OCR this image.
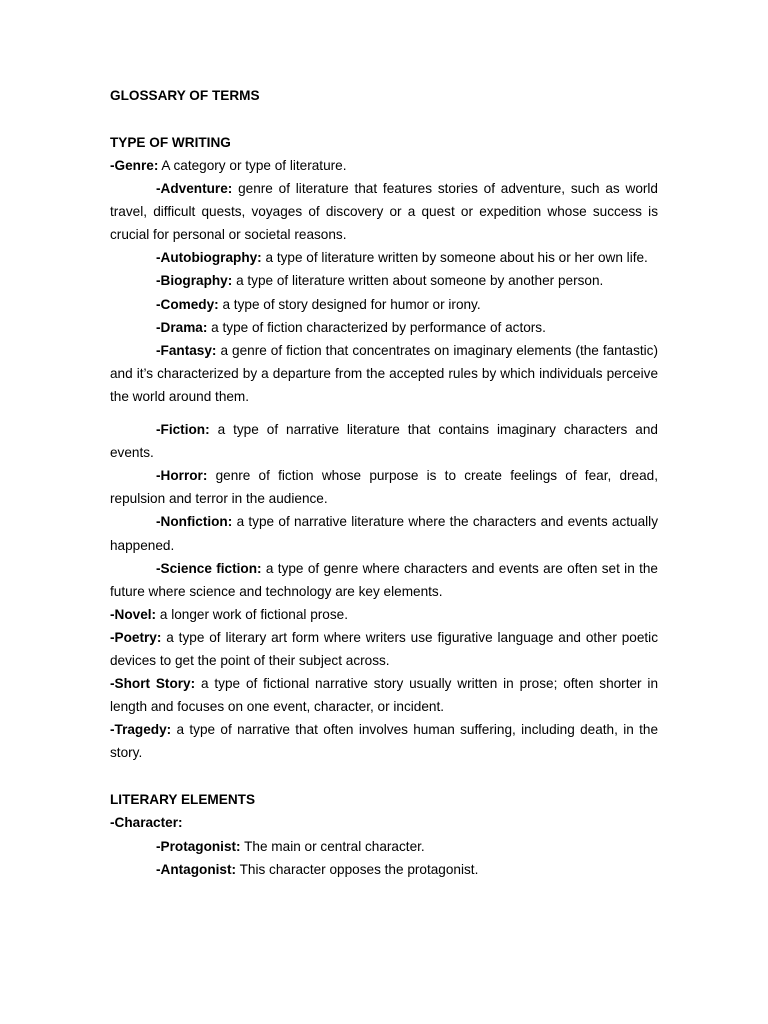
GLOSSARY OF TERMS

TYPE OF WRITING

-Genre: A category or type of literature.

-Adventure: genre of literature that features stories of adventure, such as world travel, difficult quests, voyages of discovery or a quest or expedition whose success is crucial for personal or societal reasons.

-Autobiography: a type of literature written by someone about his or her own life.

-Biography: a type of literature written about someone by another person.

-Comedy: a type of story designed for humor or irony.

-Drama: a type of fiction characterized by performance of actors.

-Fantasy: a genre of fiction that concentrates on imaginary elements (the fantastic) and it’s characterized by a departure from the accepted rules by which individuals perceive the world around them.

-Fiction: a type of narrative literature that contains imaginary characters and events.

-Horror: genre of fiction whose purpose is to create feelings of fear, dread, repulsion and terror in the audience.

-Nonfiction: a type of narrative literature where the characters and events actually happened.

-Science fiction: a type of genre where characters and events are often set in the future where science and technology are key elements.

-Novel: a longer work of fictional prose.

-Poetry: a type of literary art form where writers use figurative language and other poetic devices to get the point of their subject across.

-Short Story: a type of fictional narrative story usually written in prose; often shorter in length and focuses on one event, character, or incident.

-Tragedy: a type of narrative that often involves human suffering, including death, in the story.

LITERARY ELEMENTS

-Character:

-Protagonist: The main or central character.

-Antagonist: This character opposes the protagonist.
